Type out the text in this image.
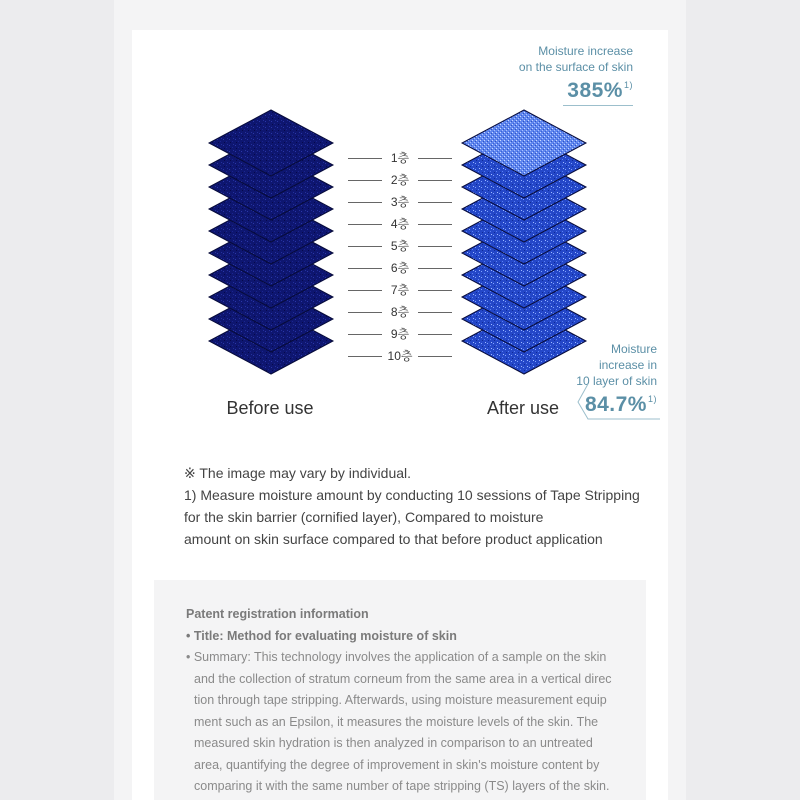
1층
2층
3층
4층
5층
6층
7층
8층
9층
10층
Moisture increase
on the surface of skin
385%$^{1)}$
Moisture
increase in
10 layer of skin
84.7%$^{1)}$
Before use	After use
※ The image may vary by individual.
1) Measure moisture amount by conducting 10 sessions of Tape Stripping
for the skin barrier (cornified layer), Compared to moisture
amount on skin surface compared to that before product application
Patent registration information
• Title: Method for evaluating moisture of skin
• Summary: This technology involves the application of a sample on the skin
and the collection of stratum corneum from the same area in a vertical direc
tion through tape stripping. Afterwards, using moisture measurement equip
ment such as an Epsilon, it measures the moisture levels of the skin. The
measured skin hydration is then analyzed in comparison to an untreated
area, quantifying the degree of improvement in skin's moisture content by
comparing it with the same number of tape stripping (TS) layers of the skin.
